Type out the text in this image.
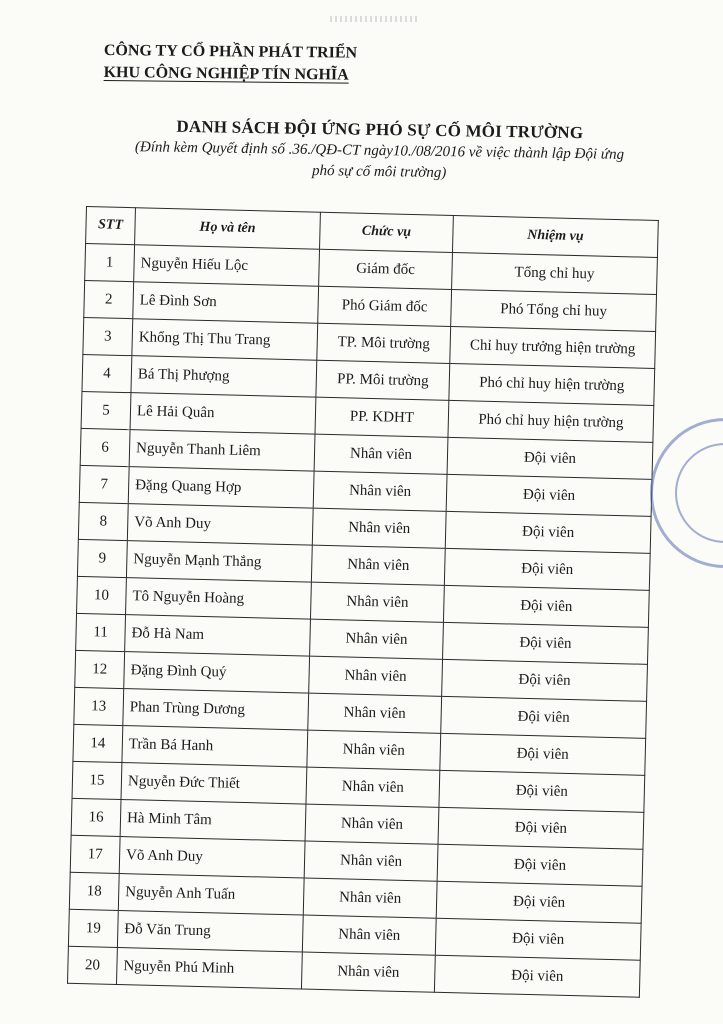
CÔNG TY CỔ PHẦN PHÁT TRIỂN
KHU CÔNG NGHIỆP TÍN NGHĨA
DANH SÁCH ĐỘI ỨNG PHÓ SỰ CỐ MÔI TRƯỜNG
(Đính kèm Quyết định số .36./QĐ-CT ngày10./08/2016 về việc thành lập Đội ứng
phó sự cố môi trường)
STT	Họ và tên	Chức vụ	Nhiệm vụ
1	Nguyễn Hiếu Lộc	Giám đốc	Tổng chỉ huy
2	Lê Đình Sơn	Phó Giám đốc	Phó Tổng chỉ huy
3	Khổng Thị Thu Trang	TP. Môi trường	Chỉ huy trưởng hiện trường
4	Bá Thị Phượng	PP. Môi trường	Phó chỉ huy hiện trường
5	Lê Hải Quân	PP. KDHT	Phó chỉ huy hiện trường
6	Nguyễn Thanh Liêm	Nhân viên	Đội viên
7	Đặng Quang Hợp	Nhân viên	Đội viên
8	Võ Anh Duy	Nhân viên	Đội viên
9	Nguyễn Mạnh Thắng	Nhân viên	Đội viên
10	Tô Nguyễn Hoàng	Nhân viên	Đội viên
11	Đỗ Hà Nam	Nhân viên	Đội viên
12	Đặng Đình Quý	Nhân viên	Đội viên
13	Phan Trùng Dương	Nhân viên	Đội viên
14	Trần Bá Hanh	Nhân viên	Đội viên
15	Nguyễn Đức Thiết	Nhân viên	Đội viên
16	Hà Minh Tâm	Nhân viên	Đội viên
17	Võ Anh Duy	Nhân viên	Đội viên
18	Nguyễn Anh Tuấn	Nhân viên	Đội viên
19	Đỗ Văn Trung	Nhân viên	Đội viên
20	Nguyễn Phú Minh	Nhân viên	Đội viên
